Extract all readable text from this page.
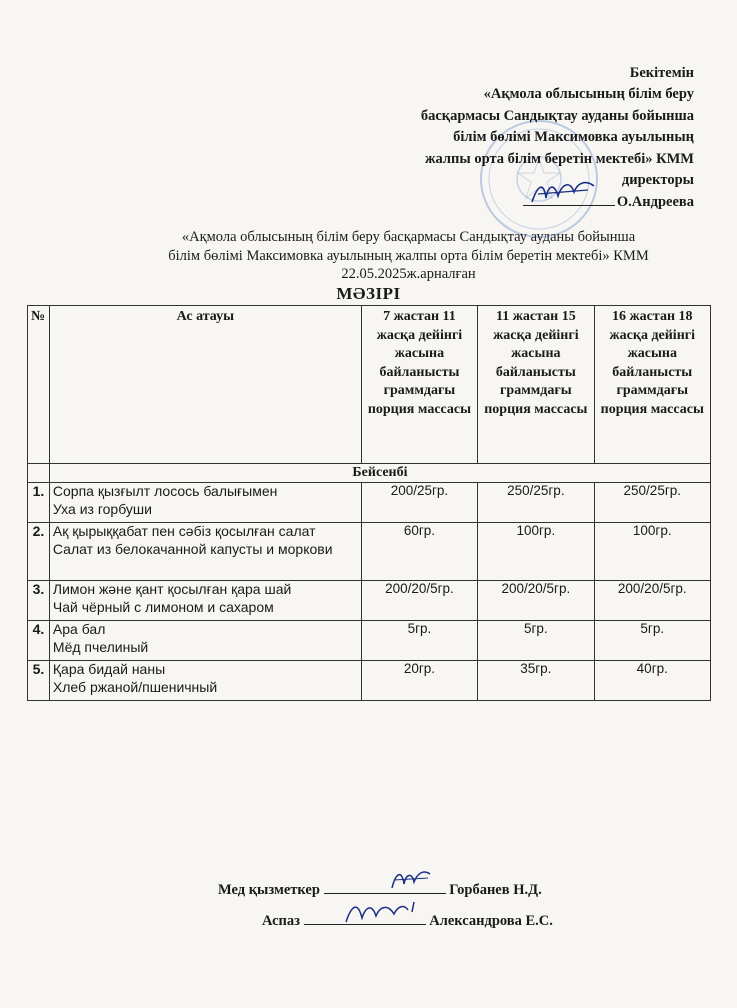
Бекітемін
«Ақмола облысының білім беру
басқармасы Сандықтау ауданы бойынша
білім бөлімі Максимовка ауылының
жалпы орта білім беретін мектебі» КММ
директоры
О.Андреева
«Ақмола облысының білім беру басқармасы Сандықтау ауданы бойынша
білім бөлімі Максимовка ауылының жалпы орта білім беретін мектебі» КММ
22.05.2025ж.арналған
МӘЗІРІ
№	Ас атауы	7 жастан 11 жасқа дейінгі жасына байланысты граммдағы порция массасы	11 жастан 15 жасқа дейінгі жасына байланысты граммдағы порция массасы	16 жастан 18 жасқа дейінгі жасына байланысты граммдағы порция массасы
	Бейсенбі			
1.	Сорпа қызғылт лосось балығымен
Уха из горбуши	200/25гр.	250/25гр.	250/25гр.
2.	Ақ қырыққабат пен сәбіз қосылған салат
Салат из белокачанной капусты и моркови	60гр.	100гр.	100гр.
3.	Лимон және қант қосылған қара шай
Чай чёрный с лимоном и сахаром	200/20/5гр.	200/20/5гр.	200/20/5гр.
4.	Ара бал
Мёд пчелиный	5гр.	5гр.	5гр.
5.	Қара бидай наны
Хлеб ржаной/пшеничный	20гр.	35гр.	40гр.
Мед қызметкер	Горбанев Н.Д.
Аспаз	Александрова Е.С.
